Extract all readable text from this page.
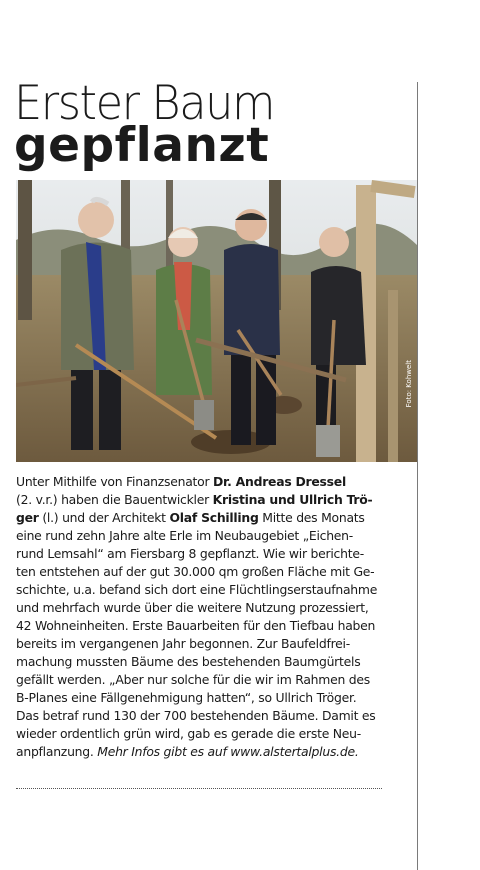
Erster Baum
gepflanzt
Foto: Kohwelt
Unter Mithilfe von Finanzsenator Dr. Andreas Dressel
(2. v.r.) haben die Bauentwickler Kristina und Ullrich Trö-
ger (l.) und der Architekt Olaf Schilling Mitte des Monats
eine rund zehn Jahre alte Erle im Neubaugebiet „Eichen-
rund Lemsahl“ am Fiersbarg 8 gepflanzt. Wie wir berichte-
ten entstehen auf der gut 30.000 qm großen Fläche mit Ge-
schichte, u.a. befand sich dort eine Flüchtlingserstaufnahme
und mehrfach wurde über die weitere Nutzung prozessiert,
42 Wohneinheiten. Erste Bauarbeiten für den Tiefbau haben
bereits im vergangenen Jahr begonnen. Zur Baufeldfrei-
machung mussten Bäume des bestehenden Baumgürtels
gefällt werden. „Aber nur solche für die wir im Rahmen des
B-Planes eine Fällgenehmigung hatten“, so Ullrich Tröger.
Das betraf rund 130 der 700 bestehenden Bäume. Damit es
wieder ordentlich grün wird, gab es gerade die erste Neu-
anpflanzung. Mehr Infos gibt es auf www.alstertalplus.de.
